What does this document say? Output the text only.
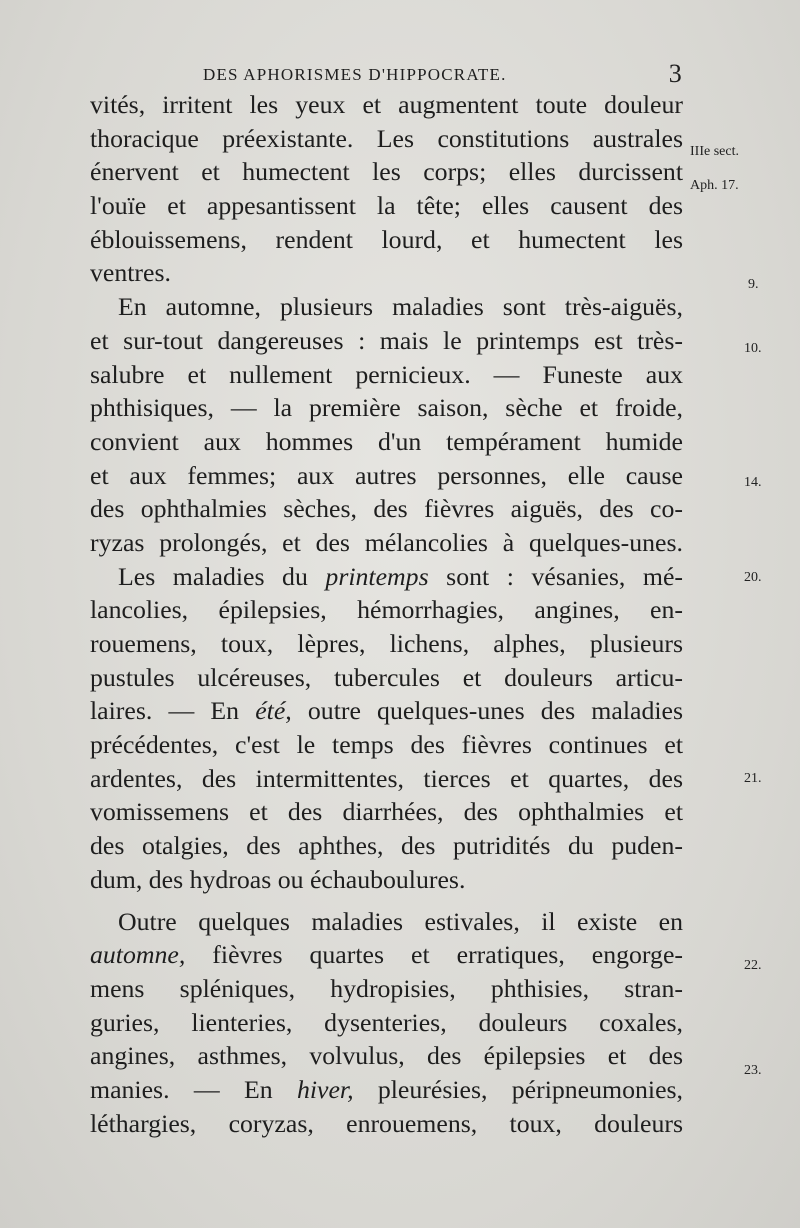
DES APHORISMES D'HIPPOCRATE.	3
vités, irritent les yeux et augmentent toute douleur
thoracique préexistante. Les constitutions australes
énervent et humectent les corps; elles durcissent
l'ouïe et appesantissent la tête; elles causent des
éblouissemens, rendent lourd, et humectent les
ventres.
En automne, plusieurs maladies sont très-aiguës,
et sur-tout dangereuses : mais le printemps est très-
salubre et nullement pernicieux. — Funeste aux
phthisiques, — la première saison, sèche et froide,
convient aux hommes d'un tempérament humide
et aux femmes; aux autres personnes, elle cause
des ophthalmies sèches, des fièvres aiguës, des co-
ryzas prolongés, et des mélancolies à quelques-unes.
Les maladies du printemps sont : vésanies, mé-
lancolies, épilepsies, hémorrhagies, angines, en-
rouemens, toux, lèpres, lichens, alphes, plusieurs
pustules ulcéreuses, tubercules et douleurs articu-
laires. — En été, outre quelques-unes des maladies
précédentes, c'est le temps des fièvres continues et
ardentes, des intermittentes, tierces et quartes, des
vomissemens et des diarrhées, des ophthalmies et
des otalgies, des aphthes, des putridités du puden-
dum, des hydroas ou échauboulures.
Outre quelques maladies estivales, il existe en
automne, fièvres quartes et erratiques, engorge-
mens spléniques, hydropisies, phthisies, stran-
guries, lienteries, dysenteries, douleurs coxales,
angines, asthmes, volvulus, des épilepsies et des
manies. — En hiver, pleurésies, péripneumonies,
léthargies, coryzas, enrouemens, toux, douleurs
IIIe sect.
Aph. 17.
9.
10.
14.
20.
21.
22.
23.
